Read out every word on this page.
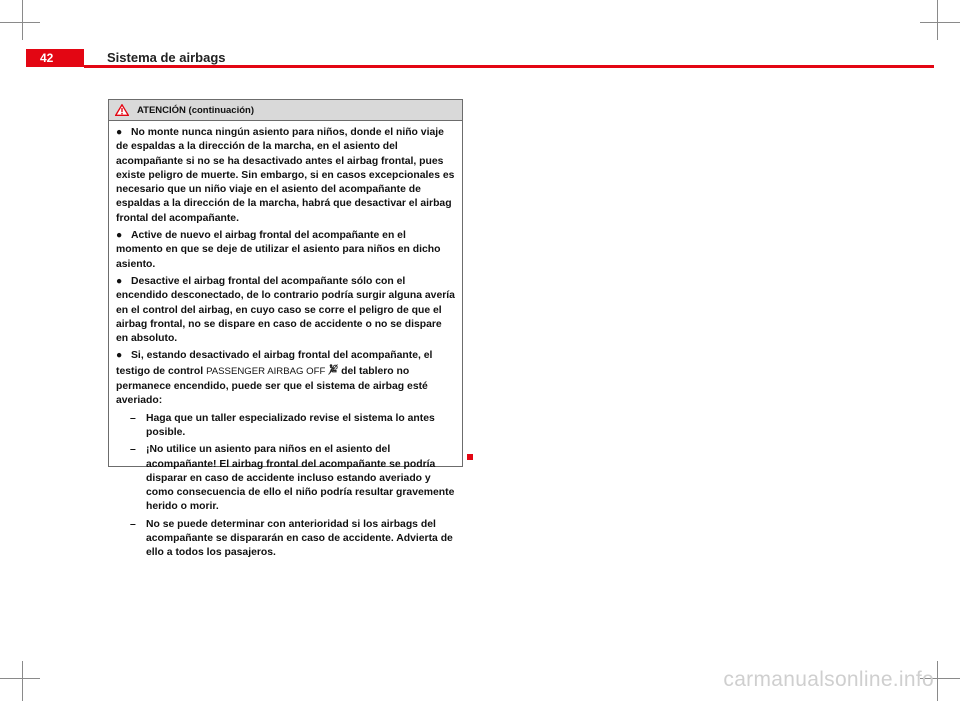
42	Sistema de airbags
ATENCIÓN (continuación)

● No monte nunca ningún asiento para niños, donde el niño viaje de espaldas a la dirección de la marcha, en el asiento del acompañante si no se ha desactivado antes el airbag frontal, pues existe peligro de muerte. Sin embargo, si en casos excepcionales es necesario que un niño viaje en el asiento del acompañante de espaldas a la dirección de la marcha, habrá que desactivar el airbag frontal del acompañante.

● Active de nuevo el airbag frontal del acompañante en el momento en que se deje de utilizar el asiento para niños en dicho asiento.

● Desactive el airbag frontal del acompañante sólo con el encendido desconectado, de lo contrario podría surgir alguna avería en el control del airbag, en cuyo caso se corre el peligro de que el airbag frontal, no se dispare en caso de accidente o no se dispare en absoluto.

● Si, estando desactivado el airbag frontal del acompañante, el testigo de control PASSENGER AIRBAG OFF del tablero no permanece encendido, puede ser que el sistema de airbag esté averiado:

– Haga que un taller especializado revise el sistema lo antes posible.

– ¡No utilice un asiento para niños en el asiento del acompañante! El airbag frontal del acompañante se podría disparar en caso de accidente incluso estando averiado y como consecuencia de ello el niño podría resultar gravemente herido o morir.

– No se puede determinar con anterioridad si los airbags del acompañante se dispararán en caso de accidente. Advierta de ello a todos los pasajeros.

carmanualsonline.info
